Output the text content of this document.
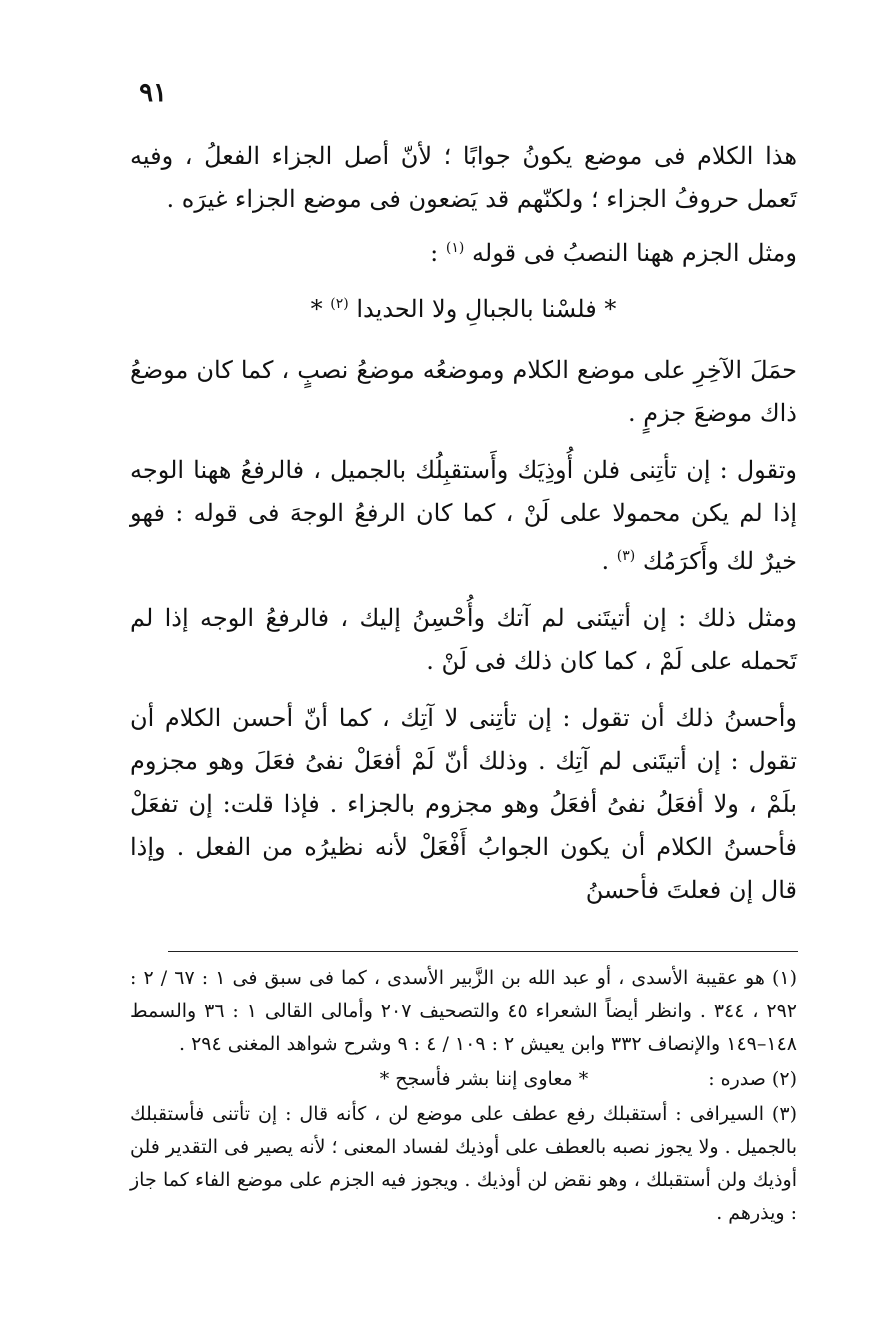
٩١

هذا الكلام فى موضع يكونُ جوابًا ؛ لأنّ أصل الجزاء الفعلُ ، وفيه تَعمل حروفُ الجزاء ؛ ولكنّهم قد يَضعون فى موضع الجزاء غيرَه .

ومثل الجزم ههنا النصبُ فى قوله $^{(١)}$ :

* فلسْنا بالجبالِ ولا الحديدا $^{(٢)}$ *

حمَلَ الآخِرِ على موضع الكلام وموضعُه موضعُ نصبٍ ، كما كان موضعُ ذاك موضعَ جزمٍ .

وتقول : إن تأتِنى فلن أُوذِيَك وأَستقبِلُك بالجميل ، فالرفعُ ههنا الوجه إذا لم يكن محمولا على لَنْ ، كما كان الرفعُ الوجهَ فى قوله : فهو خيرٌ لك وأَكرَمُك $^{(٣)}$ .

ومثل ذلك : إن أتيتَنى لم آتك وأُحْسِنُ إليك ، فالرفعُ الوجه إذا لم تَحمله على لَمْ ، كما كان ذلك فى لَنْ .

وأحسنُ ذلك أن تقول : إن تأتِنى لا آتِك ، كما أنّ أحسن الكلام أن تقول : إن أتيتَنى لم آتِك . وذلك أنّ لَمْ أفعَلْ نفىُ فعَلَ وهو مجزوم بلَمْ ، ولا أفعَلُ نفىُ أفعَلُ وهو مجزوم بالجزاء . فإذا قلت: إن تفعَلْ فأحسنُ الكلام أن يكون الجوابُ أَفْعَلْ لأنه نظيرُه من الفعل . وإذا قال إن فعلتَ فأحسنُ

(١) هو عقيبة الأسدى ، أو عبد الله بن الزَّبير الأسدى ، كما فى سبق فى ١ : ٦٧ / ٢ : ٢٩٢ ، ٣٤٤ . وانظر أيضاً الشعراء ٤٥ والتصحيف ٢٠٧ وأمالى القالى ١ : ٣٦ والسمط ١٤٨–١٤٩ والإنصاف ٣٣٢ وابن يعيش ٢ : ١٠٩ / ٤ : ٩ وشرح شواهد المغنى ٢٩٤ .

(٢) صدره :
* معاوى إننا بشر فأسجح *

(٣) السيرافى : أستقبلك رفع عطف على موضع لن ، كأنه قال : إن تأتنى فأستقبلك بالجميل . ولا يجوز نصبه بالعطف على أوذيك لفساد المعنى ؛ لأنه يصير فى التقدير فلن أوذيك ولن أستقبلك ، وهو نقض لن أوذيك . ويجوز فيه الجزم على موضع الفاء كما جاز : ويذرهم .
